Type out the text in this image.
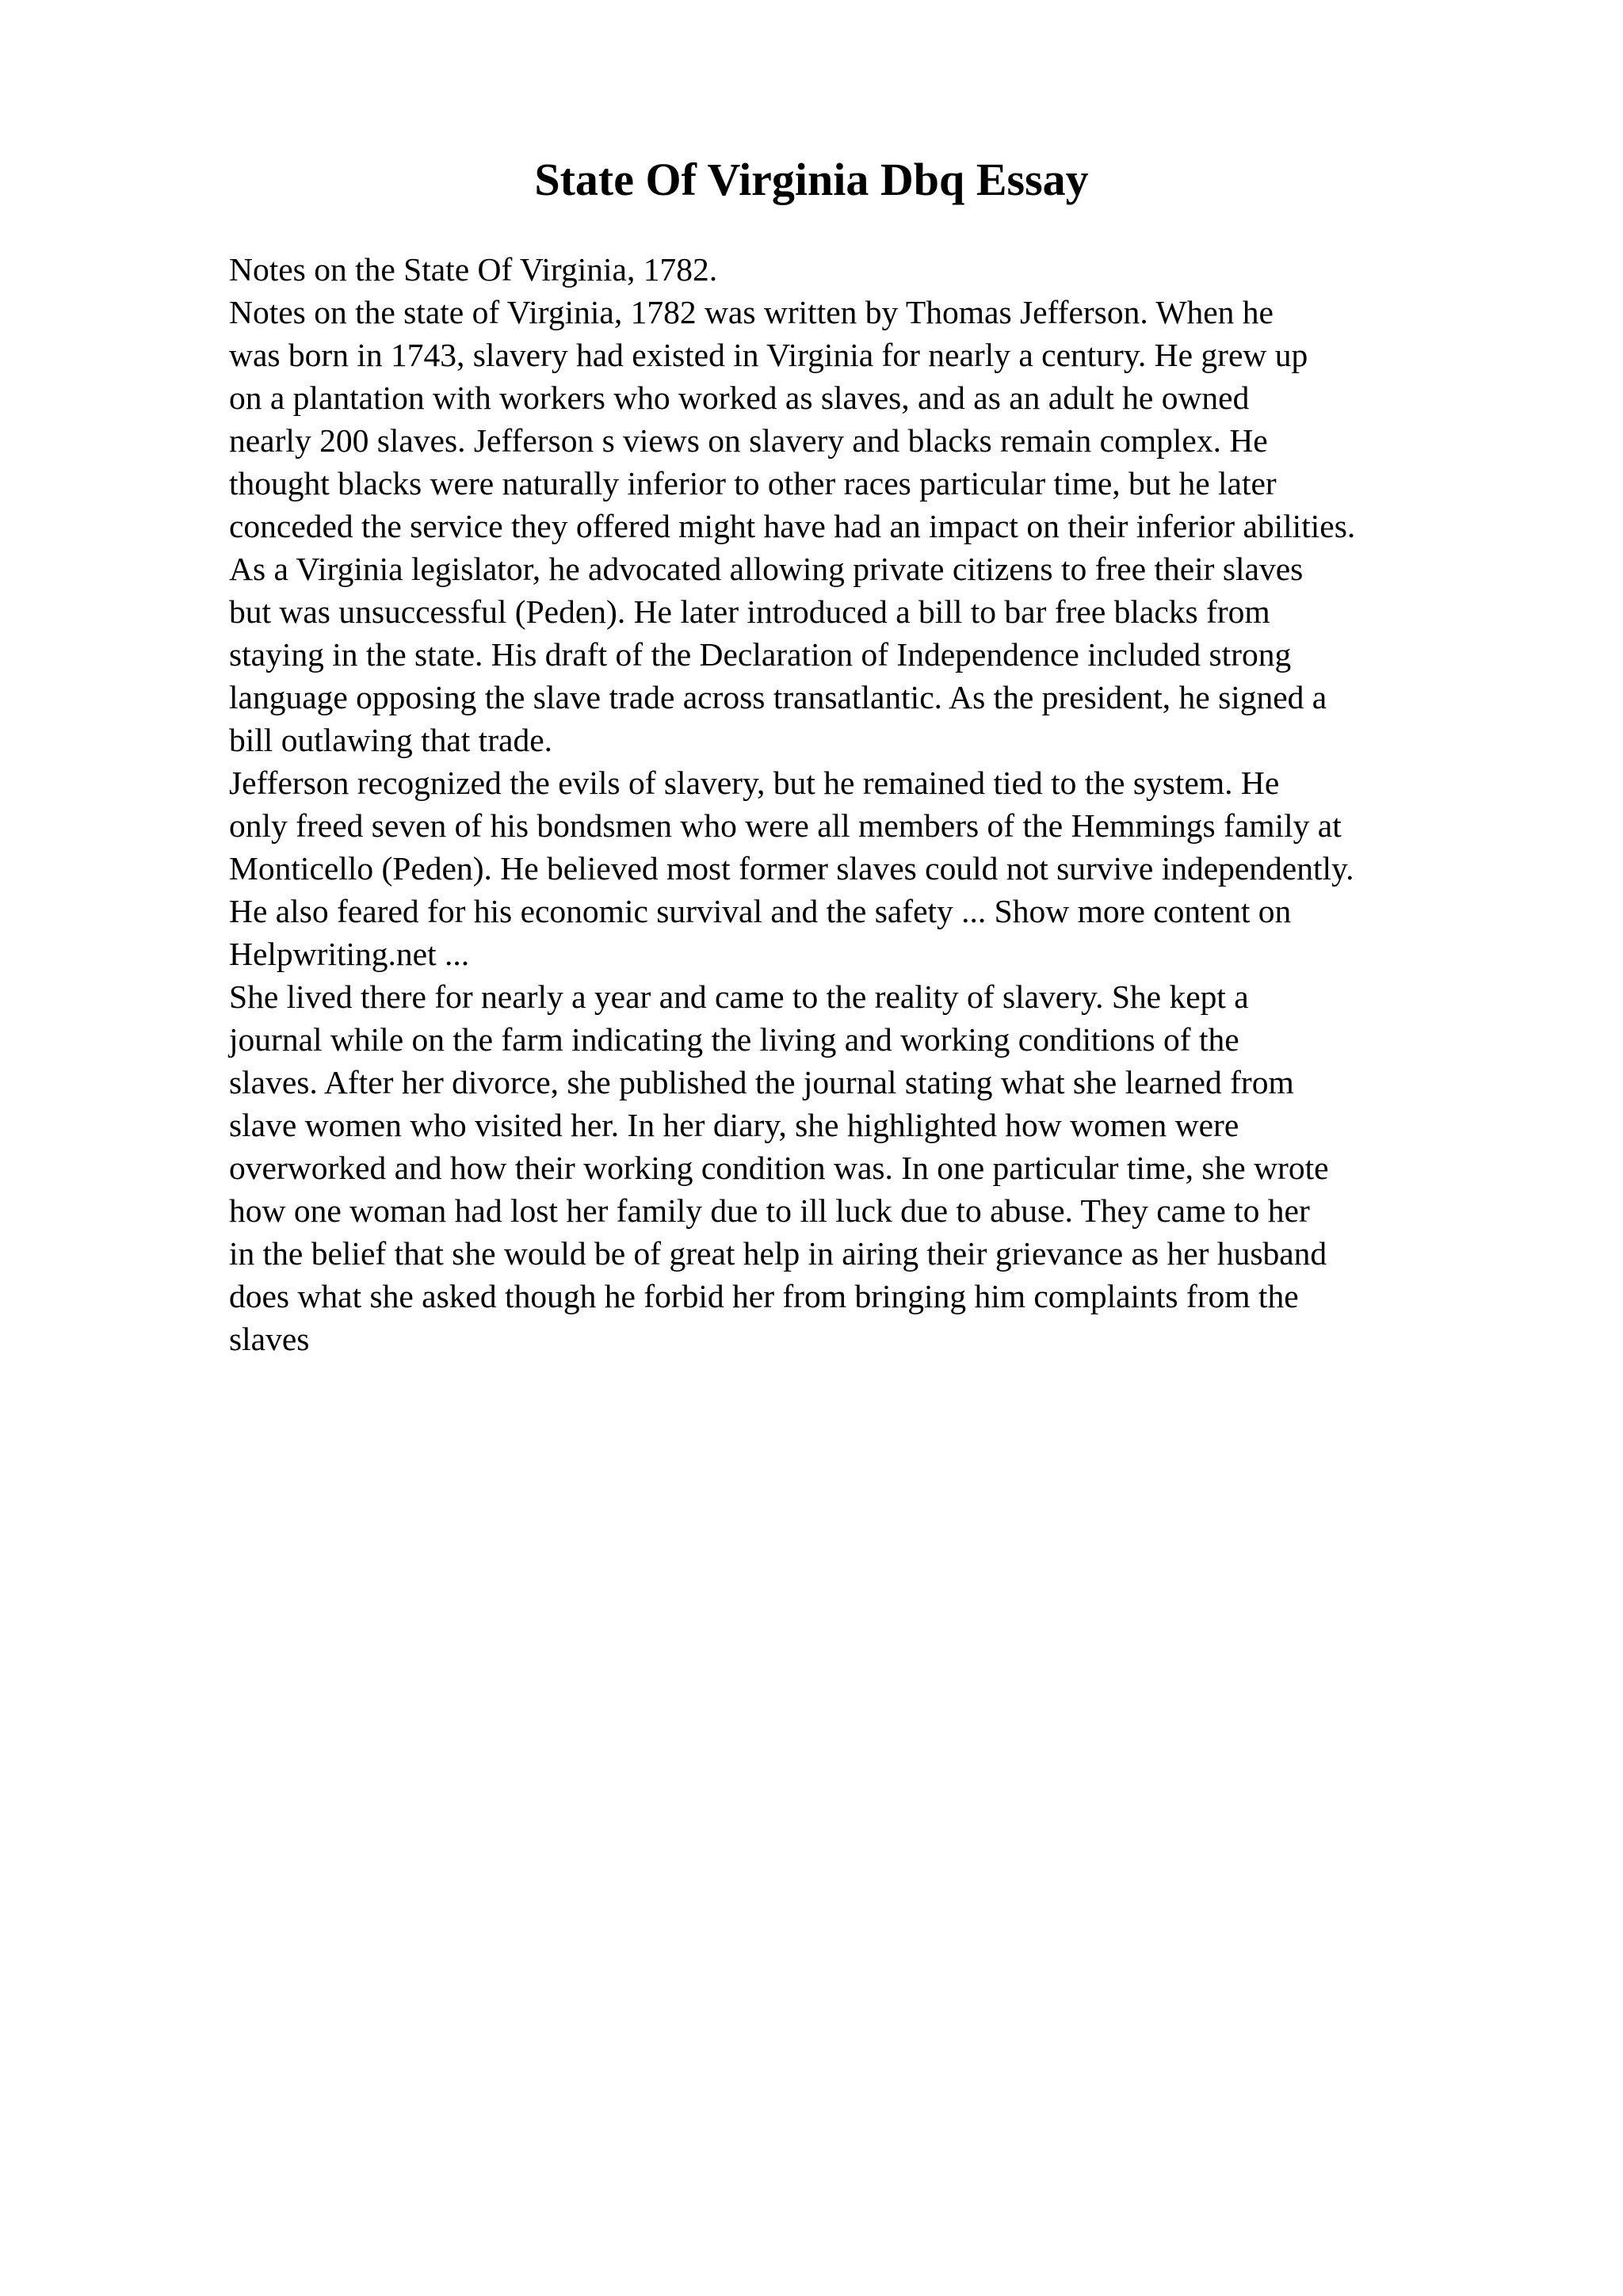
State Of Virginia Dbq Essay
Notes on the State Of Virginia, 1782.
Notes on the state of Virginia, 1782 was written by Thomas Jefferson. When he
was born in 1743, slavery had existed in Virginia for nearly a century. He grew up
on a plantation with workers who worked as slaves, and as an adult he owned
nearly 200 slaves. Jefferson s views on slavery and blacks remain complex. He
thought blacks were naturally inferior to other races particular time, but he later
conceded the service they offered might have had an impact on their inferior abilities.
As a Virginia legislator, he advocated allowing private citizens to free their slaves
but was unsuccessful (Peden). He later introduced a bill to bar free blacks from
staying in the state. His draft of the Declaration of Independence included strong
language opposing the slave trade across transatlantic. As the president, he signed a
bill outlawing that trade.
Jefferson recognized the evils of slavery, but he remained tied to the system. He
only freed seven of his bondsmen who were all members of the Hemmings family at
Monticello (Peden). He believed most former slaves could not survive independently.
He also feared for his economic survival and the safety ... Show more content on
Helpwriting.net ...
She lived there for nearly a year and came to the reality of slavery. She kept a
journal while on the farm indicating the living and working conditions of the
slaves. After her divorce, she published the journal stating what she learned from
slave women who visited her. In her diary, she highlighted how women were
overworked and how their working condition was. In one particular time, she wrote
how one woman had lost her family due to ill luck due to abuse. They came to her
in the belief that she would be of great help in airing their grievance as her husband
does what she asked though he forbid her from bringing him complaints from the
slaves
